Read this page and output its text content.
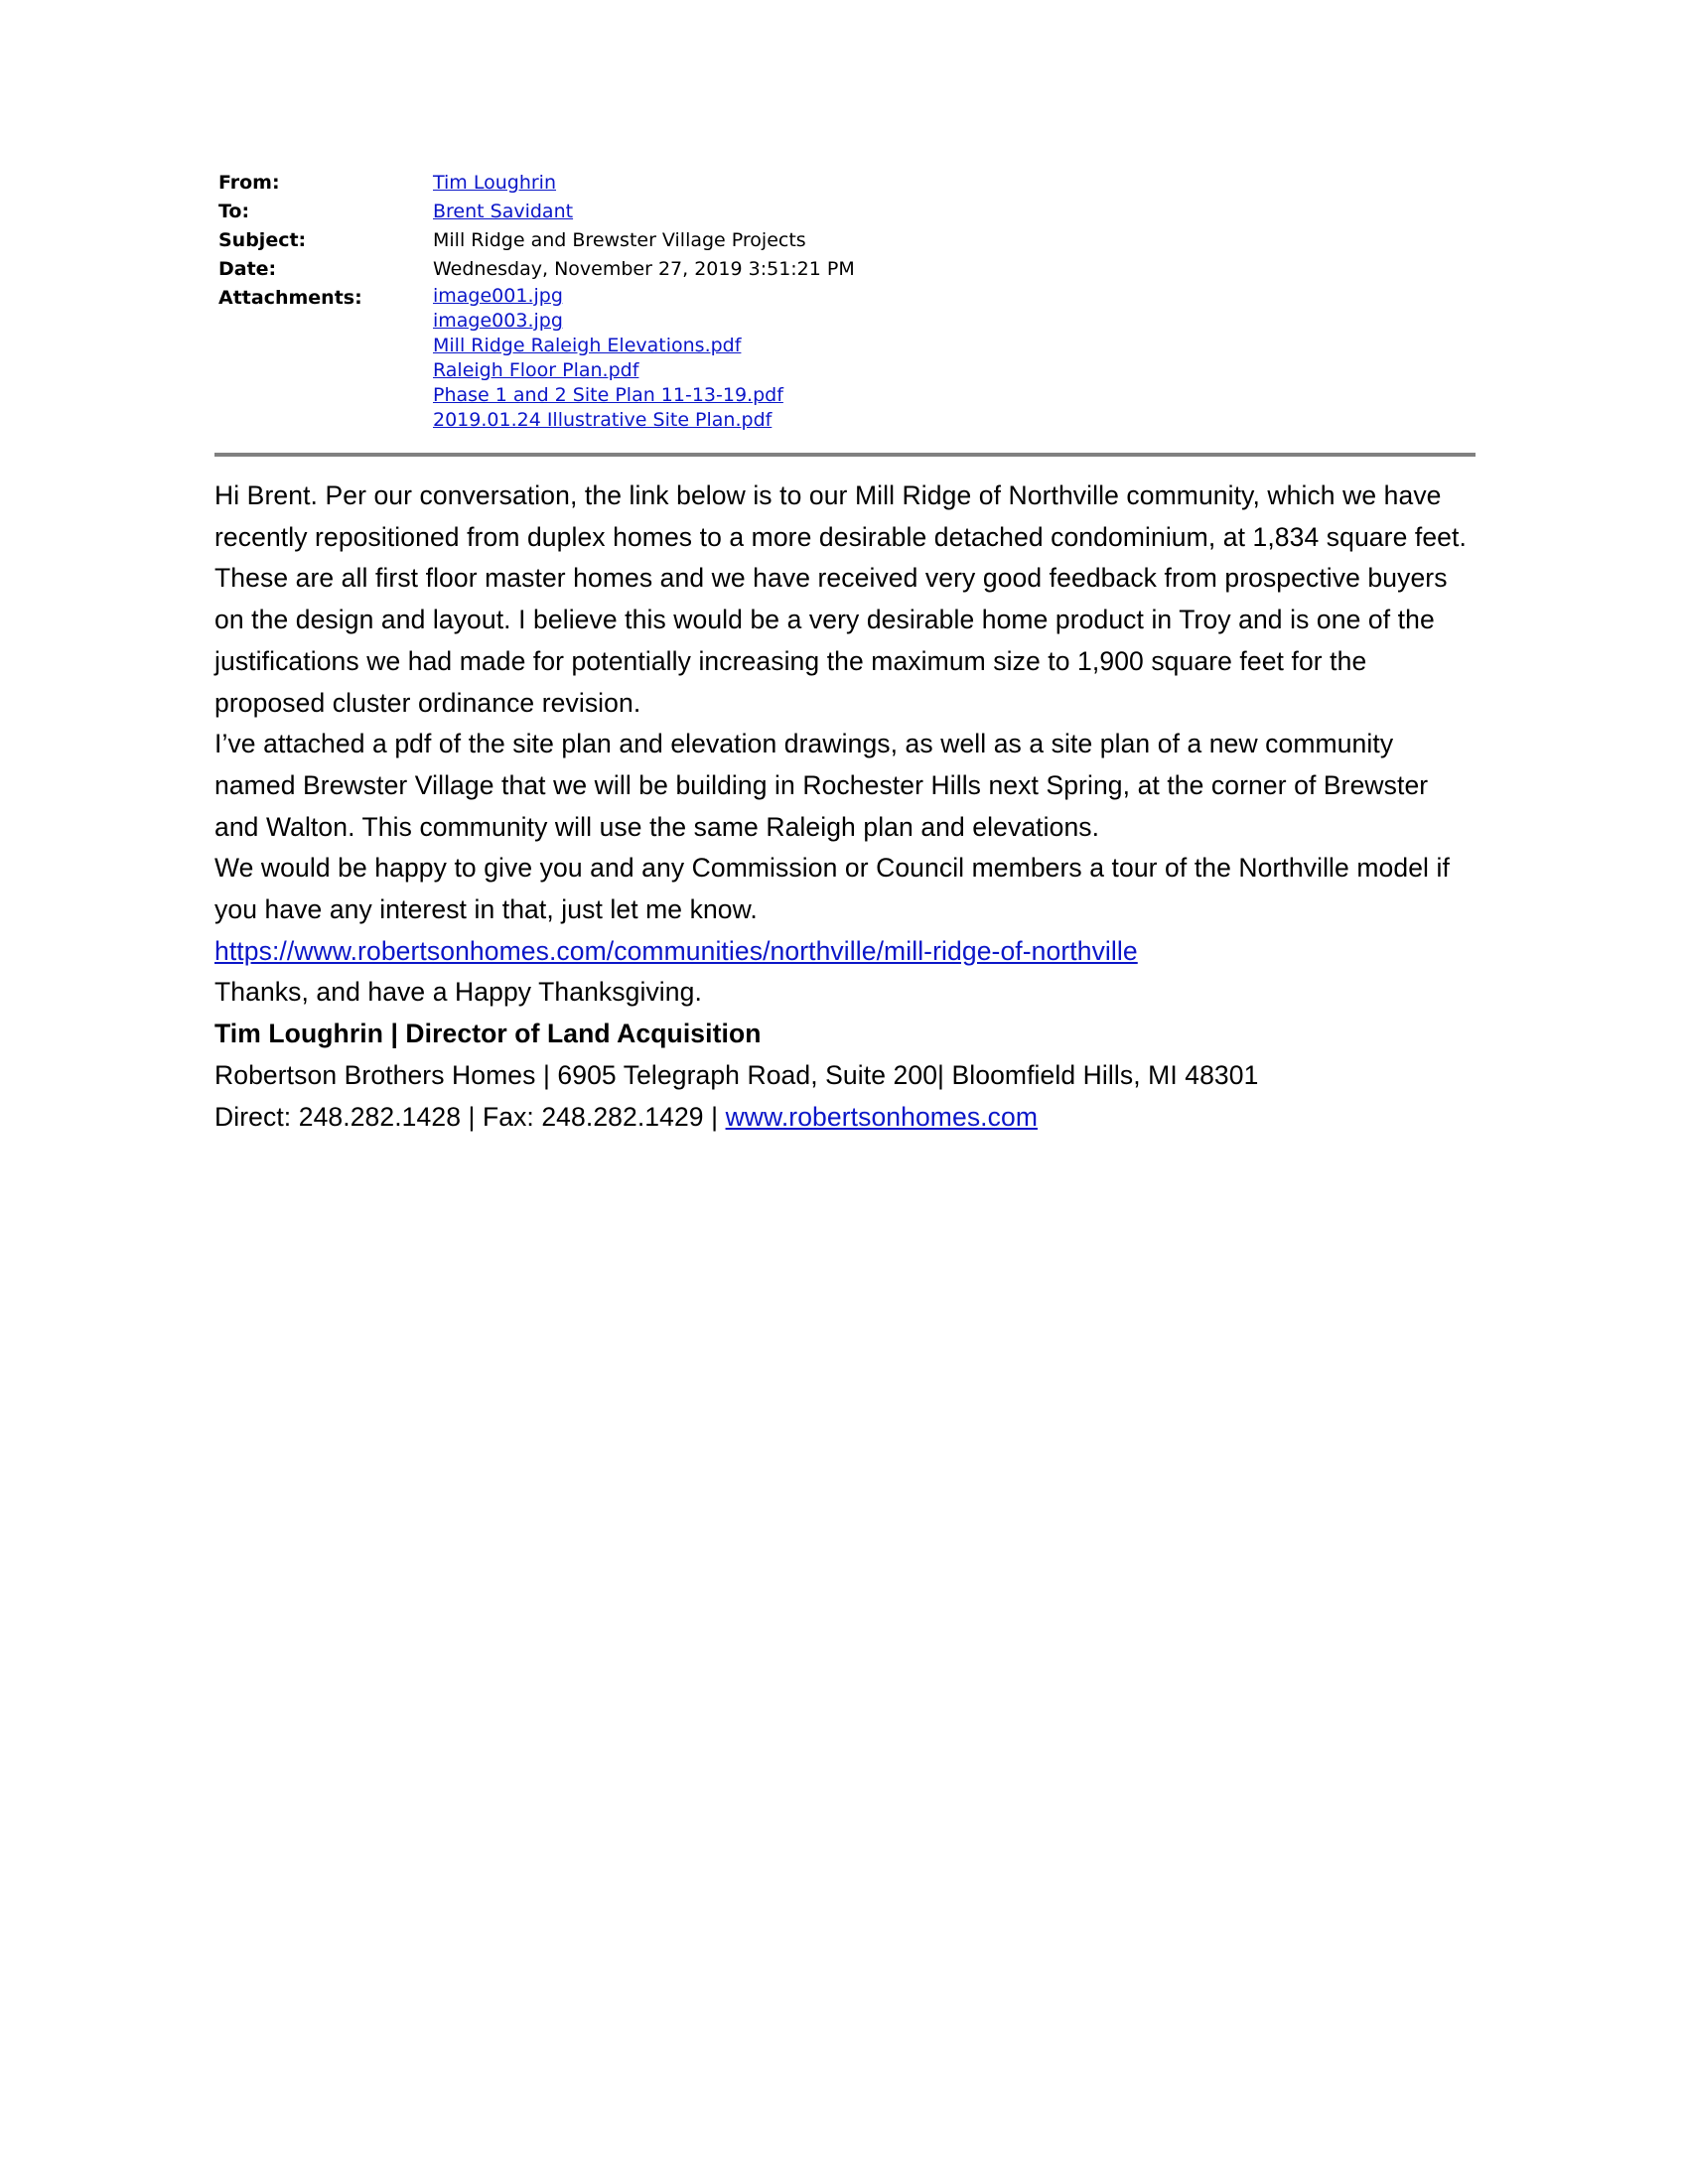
From:	Tim Loughrin
To:	Brent Savidant
Subject:	Mill Ridge and Brewster Village Projects
Date:	Wednesday, November 27, 2019 3:51:21 PM
Attachments:	image001.jpg
image003.jpg
Mill Ridge Raleigh Elevations.pdf
Raleigh Floor Plan.pdf
Phase 1 and 2 Site Plan 11-13-19.pdf
2019.01.24 Illustrative Site Plan.pdf

Hi Brent. Per our conversation, the link below is to our Mill Ridge of Northville community, which we have recently repositioned from duplex homes to a more desirable detached condominium, at 1,834 square feet. These are all first floor master homes and we have received very good feedback from prospective buyers on the design and layout. I believe this would be a very desirable home product in Troy and is one of the justifications we had made for potentially increasing the maximum size to 1,900 square feet for the proposed cluster ordinance revision.

I’ve attached a pdf of the site plan and elevation drawings, as well as a site plan of a new community named Brewster Village that we will be building in Rochester Hills next Spring, at the corner of Brewster and Walton. This community will use the same Raleigh plan and elevations.

We would be happy to give you and any Commission or Council members a tour of the Northville model if you have any interest in that, just let me know.

https://www.robertsonhomes.com/communities/northville/mill-ridge-of-northville

Thanks, and have a Happy Thanksgiving.

Tim Loughrin | Director of Land Acquisition

Robertson Brothers Homes | 6905 Telegraph Road, Suite 200| Bloomfield Hills, MI 48301

Direct: 248.282.1428 | Fax: 248.282.1429 | www.robertsonhomes.com
